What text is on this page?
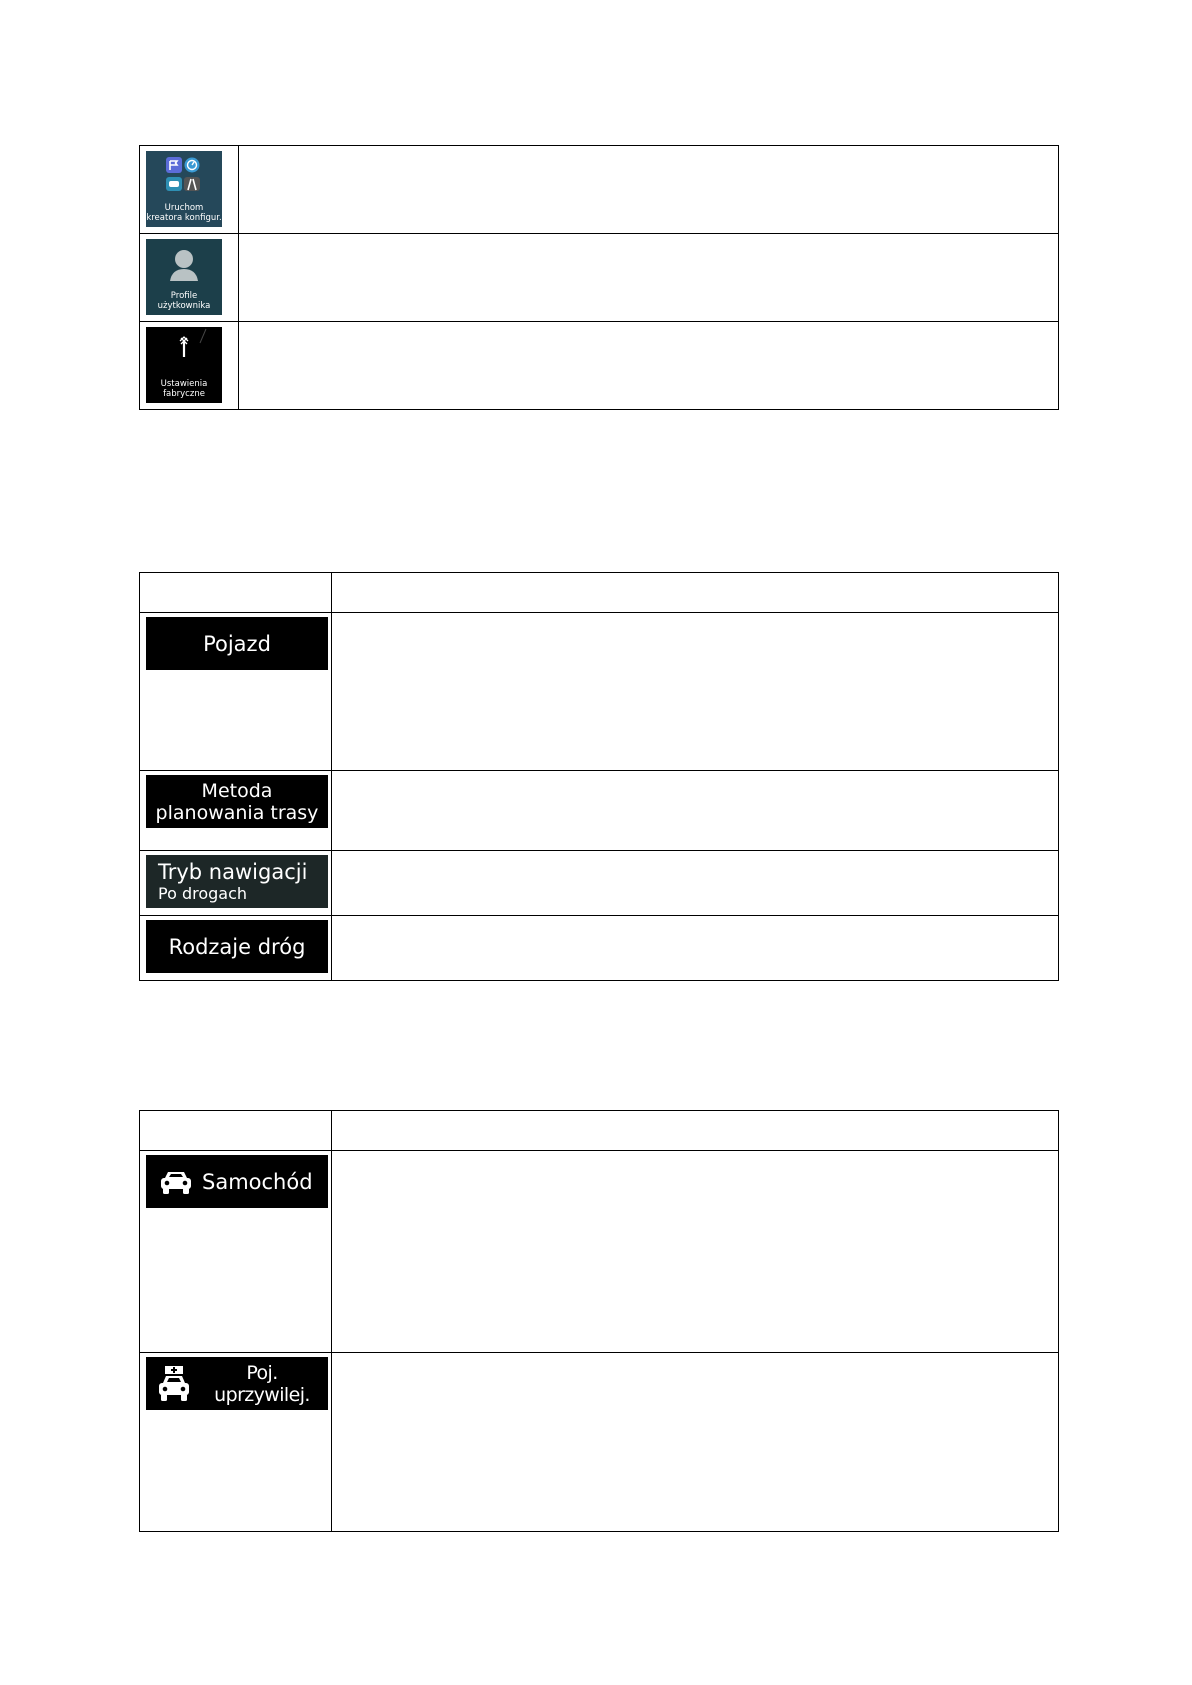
Uruchom
kreatora konfigur.	

Profile
użytkownika	

Ustawienia
fabryczne	

Pojazd	

Metoda
planowania trasy	

Tryb nawigacji
Po drogach	

Rodzaje dróg	

Samochód	

Poj. uprzywilej.	
